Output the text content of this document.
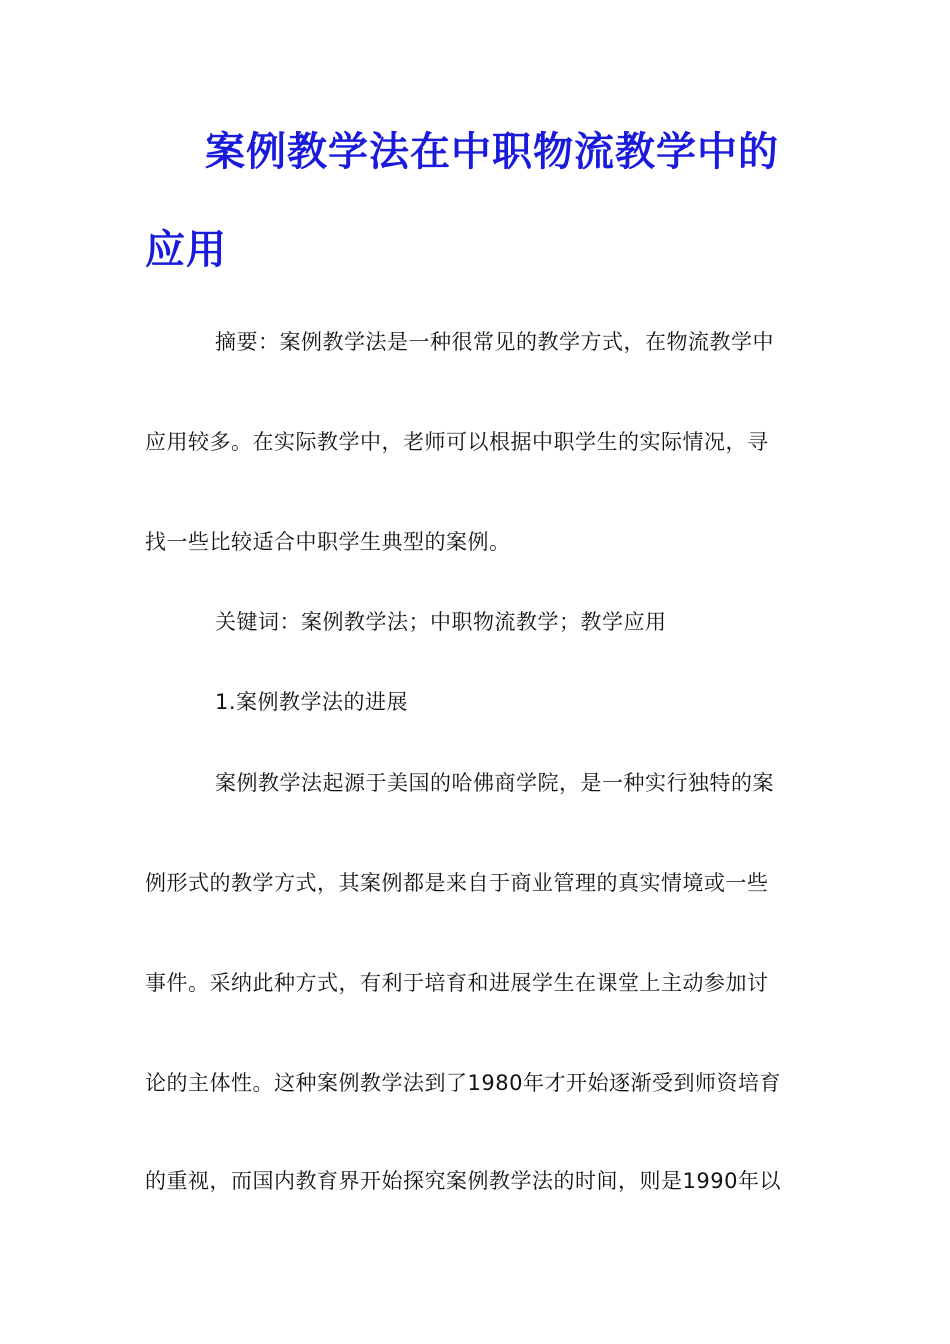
案例教学法在中职物流教学中的
应用
摘要：案例教学法是一种很常见的教学方式，在物流教学中
应用较多。在实际教学中，老师可以根据中职学生的实际情况，寻
找一些比较适合中职学生典型的案例。
关键词：案例教学法；中职物流教学；教学应用
1.案例教学法的进展
案例教学法起源于美国的哈佛商学院，是一种实行独特的案
例形式的教学方式，其案例都是来自于商业管理的真实情境或一些
事件。采纳此种方式，有利于培育和进展学生在课堂上主动参加讨
论的主体性。这种案例教学法到了1980年才开始逐渐受到师资培育
的重视，而国内教育界开始探究案例教学法的时间，则是1990年以
